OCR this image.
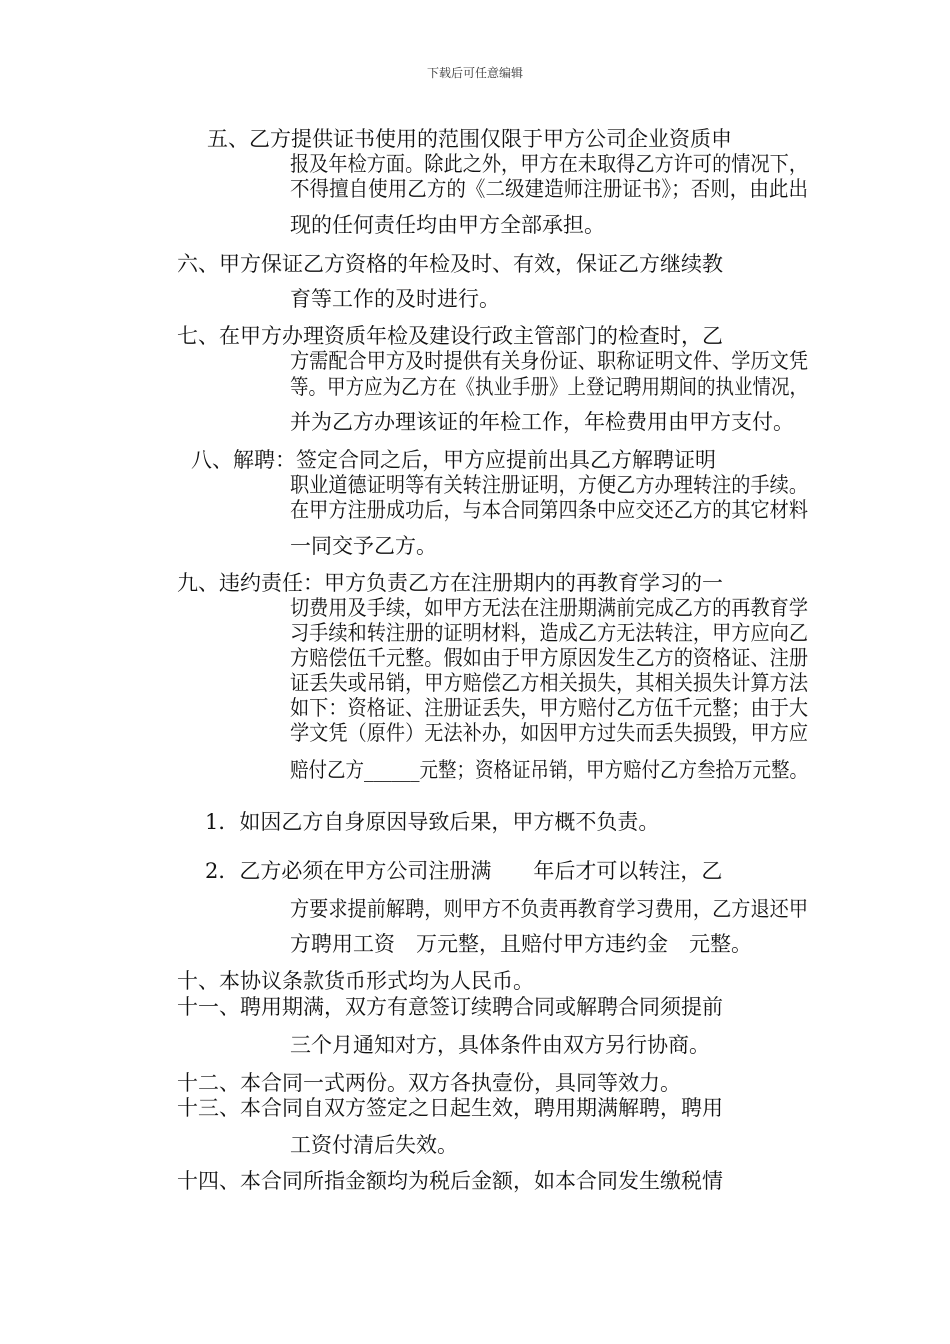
下载后可任意编辑
五、乙方提供证书使用的范围仅限于甲方公司企业资质申
报及年检方面。除此之外，甲方在未取得乙方许可的情况下，
不得擅自使用乙方的《二级建造师注册证书》；否则，由此出
现的任何责任均由甲方全部承担。
六、甲方保证乙方资格的年检及时、有效，保证乙方继续教
育等工作的及时进行。
七、在甲方办理资质年检及建设行政主管部门的检查时，乙
方需配合甲方及时提供有关身份证、职称证明文件、学历文凭
等。甲方应为乙方在《执业手册》上登记聘用期间的执业情况，
并为乙方办理该证的年检工作，年检费用由甲方支付。
八、解聘：签定合同之后，甲方应提前出具乙方解聘证明
职业道德证明等有关转注册证明，方便乙方办理转注的手续。
在甲方注册成功后，与本合同第四条中应交还乙方的其它材料
一同交予乙方。
九、违约责任：甲方负责乙方在注册期内的再教育学习的一
切费用及手续，如甲方无法在注册期满前完成乙方的再教育学
习手续和转注册的证明材料，造成乙方无法转注，甲方应向乙
方赔偿伍千元整。假如由于甲方原因发生乙方的资格证、注册
证丢失或吊销，甲方赔偿乙方相关损失，其相关损失计算方法
如下：资格证、注册证丢失，甲方赔付乙方伍千元整；由于大
学文凭（原件）无法补办，如因甲方过失而丢失损毁，甲方应
赔付乙方______元整；资格证吊销，甲方赔付乙方叁拾万元整。
1．如因乙方自身原因导致后果，甲方概不负责。
2．乙方必须在甲方公司注册满　　年后才可以转注，乙
方要求提前解聘，则甲方不负责再教育学习费用，乙方退还甲
方聘用工资　万元整，且赔付甲方违约金　元整。
十、本协议条款货币形式均为人民币。
十一、聘用期满，双方有意签订续聘合同或解聘合同须提前
三个月通知对方，具体条件由双方另行协商。
十二、本合同一式两份。双方各执壹份，具同等效力。
十三、本合同自双方签定之日起生效，聘用期满解聘，聘用
工资付清后失效。
十四、本合同所指金额均为税后金额，如本合同发生缴税情
